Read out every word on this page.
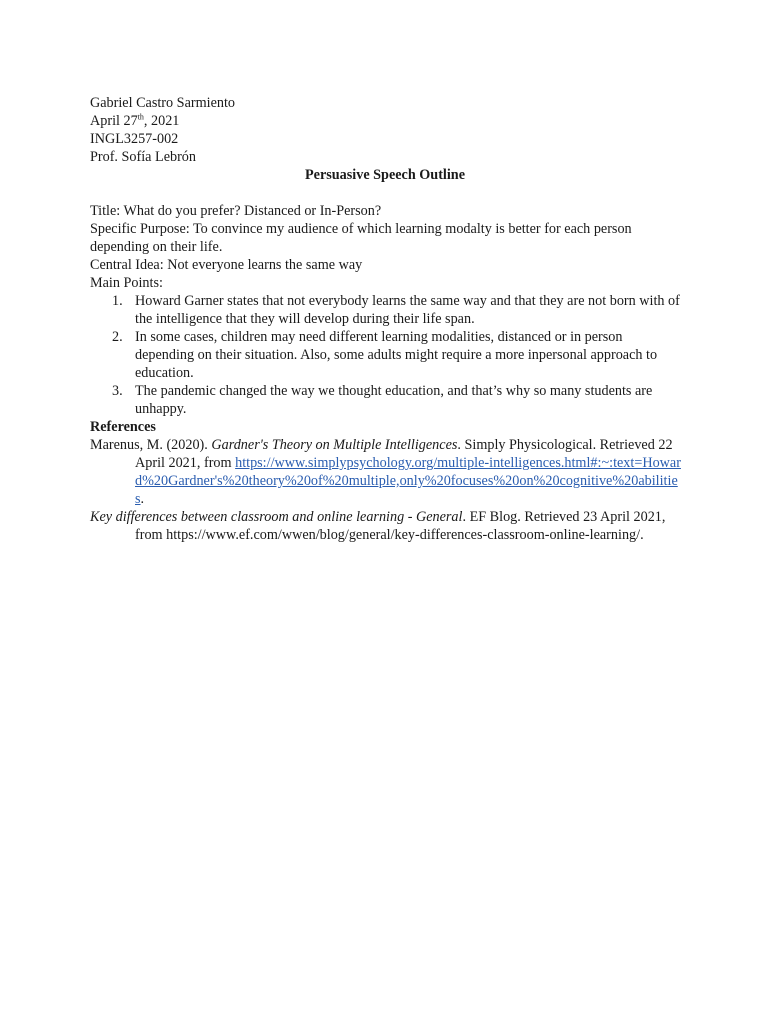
Gabriel Castro Sarmiento

April 27th, 2021

INGL3257-002

Prof. Sofía Lebrón

Persuasive Speech Outline

Title: What do you prefer? Distanced or In-Person?

Specific Purpose: To convince my audience of which learning modalty is better for each person depending on their life.

Central Idea: Not everyone learns the same way

Main Points:

1. Howard Garner states that not everybody learns the same way and that they are not born with of the intelligence that they will develop during their life span.
2. In some cases, children may need different learning modalities, distanced or in person depending on their situation. Also, some adults might require a more inpersonal approach to education.
3. The pandemic changed the way we thought education, and that’s why so many students are unhappy.

References

Marenus, M. (2020). Gardner's Theory on Multiple Intelligences. Simply Physicological. Retrieved 22 April 2021, from https://www.simplypsychology.org/multiple-intelligences.html#:~:text=Howard%20Gardner's%20theory%20of%20multiple,only%20focuses%20on%20cognitive%20abilities.

Key differences between classroom and online learning - General. EF Blog. Retrieved 23 April 2021, from https://www.ef.com/wwen/blog/general/key-differences-classroom-online-learning/.
